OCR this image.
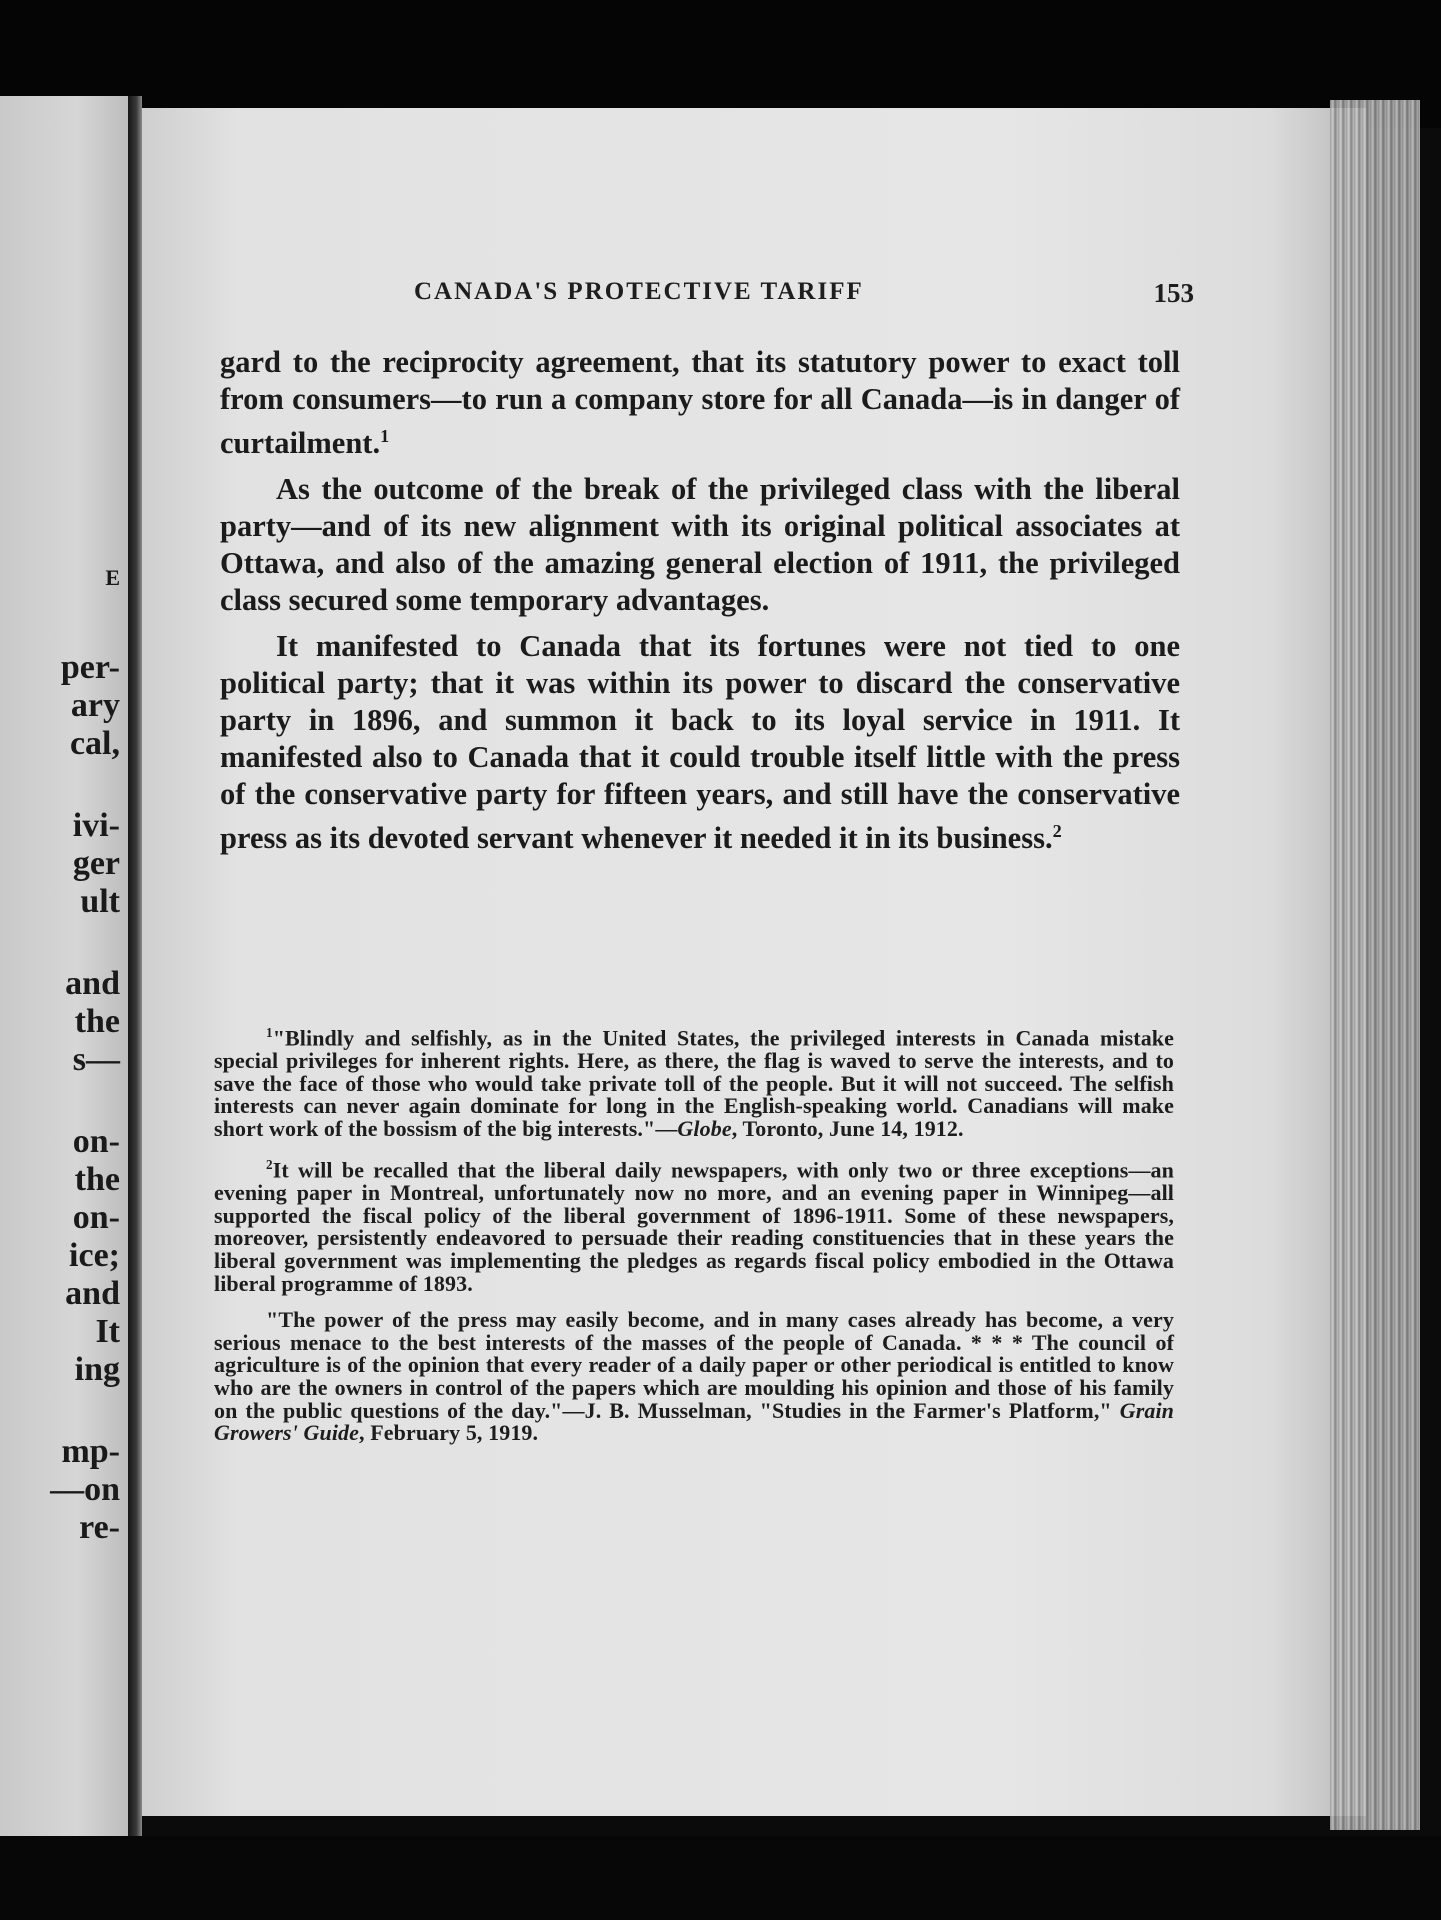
E
per-
ary
cal,
ivi-
ger
ult
and
the
s—
on-
the
on-
ice;
and
It
ing
mp-
—on
re-
CANADA'S PROTECTIVE TARIFF	153

gard to the reciprocity agreement, that its statutory power to exact toll from consumers—to run a company store for all Canada—is in danger of curtailment.$^1$

As the outcome of the break of the privileged class with the liberal party—and of its new alignment with its original political associates at Ottawa, and also of the amazing general election of 1911, the privileged class secured some temporary advantages.

It manifested to Canada that its fortunes were not tied to one political party; that it was within its power to discard the conservative party in 1896, and summon it back to its loyal service in 1911. It manifested also to Canada that it could trouble itself little with the press of the conservative party for fifteen years, and still have the conservative press as its devoted servant whenever it needed it in its business.$^2$

$^1$"Blindly and selfishly, as in the United States, the privileged interests in Canada mistake special privileges for inherent rights. Here, as there, the flag is waved to serve the interests, and to save the face of those who would take private toll of the people. But it will not succeed. The selfish interests can never again dominate for long in the English-speaking world. Canadians will make short work of the bossism of the big interests."—Globe, Toronto, June 14, 1912.

$^2$It will be recalled that the liberal daily newspapers, with only two or three exceptions—an evening paper in Montreal, unfortunately now no more, and an evening paper in Winnipeg—all supported the fiscal policy of the liberal government of 1896-1911. Some of these newspapers, moreover, persistently endeavored to persuade their reading constituencies that in these years the liberal government was implementing the pledges as regards fiscal policy embodied in the Ottawa liberal programme of 1893.

"The power of the press may easily become, and in many cases already has become, a very serious menace to the best interests of the masses of the people of Canada. * * * The council of agriculture is of the opinion that every reader of a daily paper or other periodical is entitled to know who are the owners in control of the papers which are moulding his opinion and those of his family on the public questions of the day."—J. B. Musselman, "Studies in the Farmer's Platform," Grain Growers' Guide, February 5, 1919.
